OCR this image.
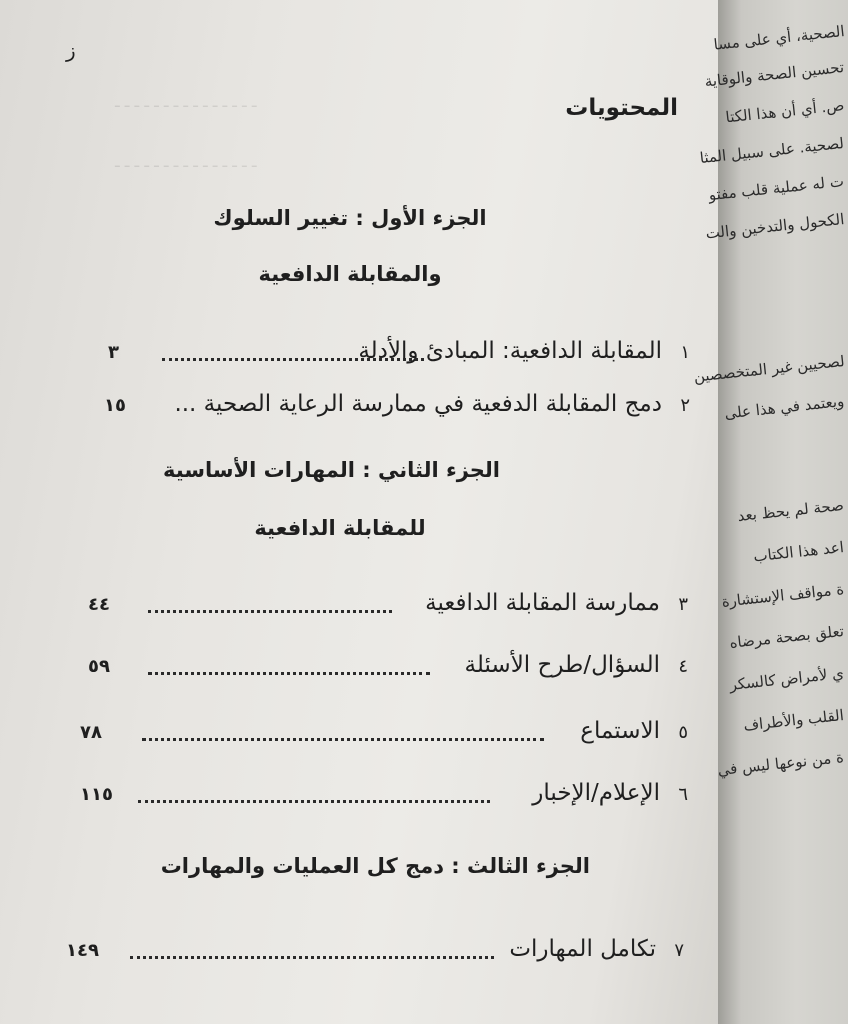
ـ ـ ـ ـ ـ ـ ـ ـ ـ ـ ـ ـ ـ ـ ـ
ـ ـ ـ ـ ـ ـ ـ ـ ـ ـ ـ ـ ـ ـ ـ
ز
المحتويات
الجزء الأول : تغيير السلوك
والمقابلة الدافعية
١
المقابلة الدافعية: المبادئ والأدلة
٣
٢
دمج المقابلة الدفعية في ممارسة الرعاية الصحية ...
١٥
الجزء الثاني : المهارات الأساسية
للمقابلة الدافعية
٣
ممارسة المقابلة الدافعية
٤٤
٤
السؤال/طرح الأسئلة
٥٩
٥
الاستماع
٧٨
٦
الإعلام/الإخبار
١١٥
الجزء الثالث : دمج كل العمليات والمهارات
٧
تكامل المهارات
١٤٩
الصحية، أي على مسا
تحسين الصحة والوقاية
ص. أي أن هذا الكتا
لصحية. على سبيل المثا
ت له عملية قلب مفتو
الكحول والتدخين والت
لصحيين غير المتخصصين
ويعتمد في هذا على
صحة لم يحظ بعد
اعد هذا الكتاب
ة مواقف الإستشارة
تعلق بصحة مرضاه
ي لأمراض كالسكر
القلب والأطراف
ة من نوعها ليس في
